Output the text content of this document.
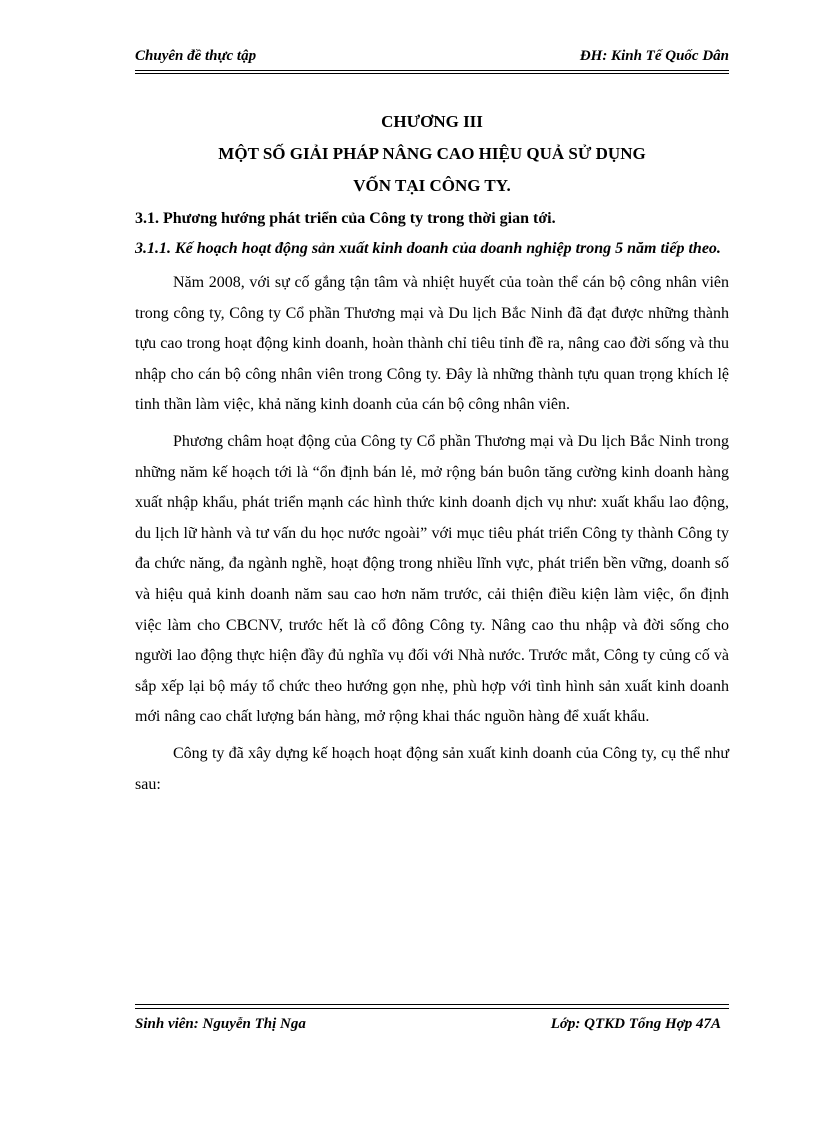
Chuyên đề thực tập	ĐH: Kinh Tế Quốc Dân
CHƯƠNG III
MỘT SỐ GIẢI PHÁP NÂNG CAO HIỆU QUẢ SỬ DỤNG
VỐN TẠI CÔNG TY.
3.1. Phương hướng phát triển của Công ty trong thời gian tới.
3.1.1. Kế hoạch hoạt động sản xuất kinh doanh của doanh nghiệp trong 5 năm tiếp theo.

Năm 2008, với sự cố gắng tận tâm và nhiệt huyết của toàn thể cán bộ công nhân viên trong công ty, Công ty Cổ phần Thương mại và Du lịch Bắc Ninh đã đạt được những thành tựu cao trong hoạt động kinh doanh, hoàn thành chỉ tiêu tỉnh đề ra, nâng cao đời sống và thu nhập cho cán bộ công nhân viên trong Công ty. Đây là những thành tựu quan trọng khích lệ tinh thần làm việc, khả năng kinh doanh của cán bộ công nhân viên.

Phương châm hoạt động của Công ty Cổ phần Thương mại và Du lịch Bắc Ninh trong những năm kế hoạch tới là “ổn định bán lẻ, mở rộng bán buôn tăng cường kinh doanh hàng xuất nhập khẩu, phát triển mạnh các hình thức kinh doanh dịch vụ như: xuất khẩu lao động, du lịch lữ hành và tư vấn du học nước ngoài” với mục tiêu phát triển Công ty thành Công ty đa chức năng, đa ngành nghề, hoạt động trong nhiều lĩnh vực, phát triển bền vững, doanh số và hiệu quả kinh doanh năm sau cao hơn năm trước, cải thiện điều kiện làm việc, ổn định việc làm cho CBCNV, trước hết là cổ đông Công ty. Nâng cao thu nhập và đời sống cho người lao động thực hiện đầy đủ nghĩa vụ đối với Nhà nước. Trước mắt, Công ty củng cố và sắp xếp lại bộ máy tổ chức theo hướng gọn nhẹ, phù hợp với tình hình sản xuất kinh doanh mới nâng cao chất lượng bán hàng, mở rộng khai thác nguồn hàng để xuất khẩu.

Công ty đã xây dựng kế hoạch hoạt động sản xuất kinh doanh của Công ty, cụ thể như sau:

Sinh viên: Nguyễn Thị Nga	Lớp: QTKD Tổng Hợp 47A
